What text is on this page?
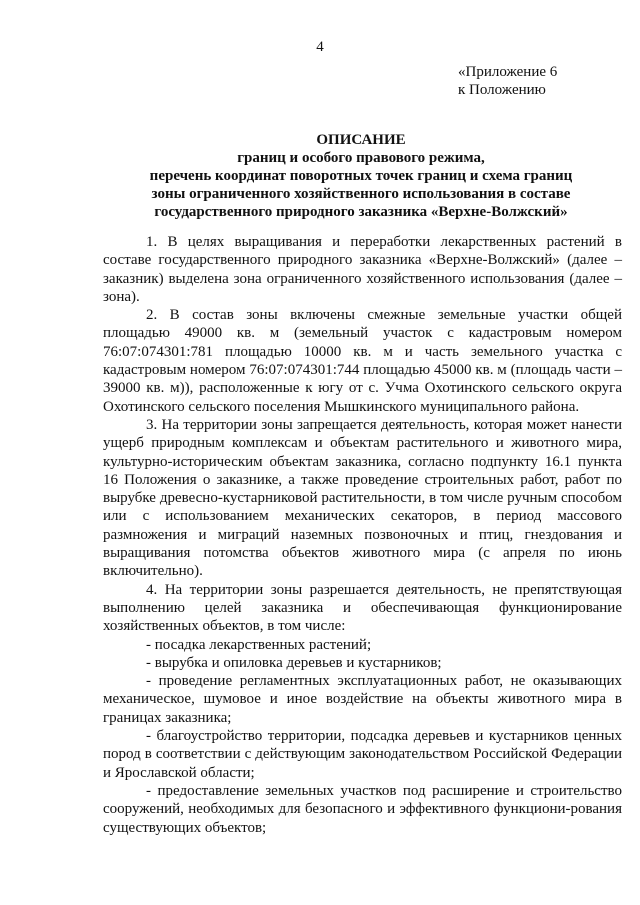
4
«Приложение 6
к Положению
ОПИСАНИЕ
границ и особого правового режима,
перечень координат поворотных точек границ и схема границ
зоны ограниченного хозяйственного использования в составе
государственного природного заказника «Верхне-Волжский»

1. В целях выращивания и переработки лекарственных растений в составе государственного природного заказника «Верхне-Волжский» (далее – заказник) выделена зона ограниченного хозяйственного использования (далее – зона).

2. В состав зоны включены смежные земельные участки общей площадью 49000 кв. м (земельный участок с кадастровым номером 76:07:074301:781 площадью 10000 кв. м и часть земельного участка с кадастровым номером 76:07:074301:744 площадью 45000 кв. м (площадь части – 39000 кв. м)), расположенные к югу от с. Учма Охотинского сельского округа Охотинского сельского поселения Мышкинского муниципального района.

3. На территории зоны запрещается деятельность, которая может нанести ущерб природным комплексам и объектам растительного и животного мира, культурно-историческим объектам заказника, согласно подпункту 16.1 пункта 16 Положения о заказнике, а также проведение строительных работ, работ по вырубке древесно-кустарниковой растительности, в том числе ручным способом или с использованием механических секаторов, в период массового размножения и миграций наземных позвоночных и птиц, гнездования и выращивания потомства объектов животного мира (с апреля по июнь включительно).

4. На территории зоны разрешается деятельность, не препятствующая выполнению целей заказника и обеспечивающая функционирование хозяйственных объектов, в том числе:

- посадка лекарственных растений;

- вырубка и опиловка деревьев и кустарников;

- проведение регламентных эксплуатационных работ, не оказывающих механическое, шумовое и иное воздействие на объекты животного мира в границах заказника;

- благоустройство территории, подсадка деревьев и кустарников ценных пород в соответствии с действующим законодательством Российской Федерации и Ярославской области;

- предоставление земельных участков под расширение и строительство сооружений, необходимых для безопасного и эффективного функциони-рования существующих объектов;
